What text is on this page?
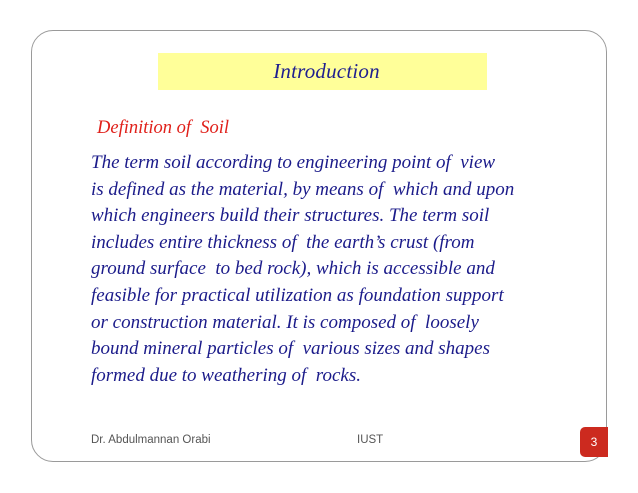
Introduction
Definition of  Soil
The term soil according to engineering point of  view
is defined as the material, by means of  which and upon
which engineers build their structures. The term soil
includes entire thickness of  the earth’s crust (from
ground surface  to bed rock), which is accessible and
feasible for practical utilization as foundation support
or construction material. It is composed of  loosely
bound mineral particles of  various sizes and shapes
formed due to weathering of  rocks.
Dr. Abdulmannan Orabi	IUST	3
